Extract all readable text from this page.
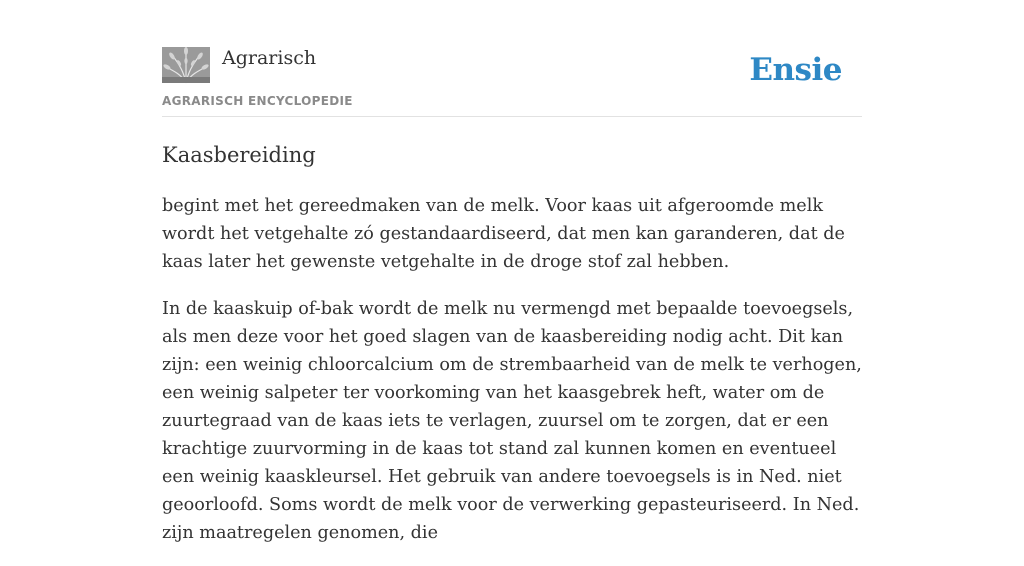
Agrarisch
AGRARISCH ENCYCLOPEDIE
Ensie
Kaasbereiding

begint met het gereedmaken van de melk. Voor kaas uit afgeroomde melk wordt het vetgehalte zó gestandaardiseerd, dat men kan garanderen, dat de kaas later het gewenste vetgehalte in de droge stof zal hebben.

In de kaaskuip of-bak wordt de melk nu vermengd met bepaalde toevoegsels, als men deze voor het goed slagen van de kaasbereiding nodig acht. Dit kan zijn: een weinig chloorcalcium om de strembaarheid van de melk te verhogen, een weinig salpeter ter voorkoming van het kaasgebrek heft, water om de zuurtegraad van de kaas iets te verlagen, zuursel om te zorgen, dat er een krachtige zuurvorming in de kaas tot stand zal kunnen komen en eventueel een weinig kaaskleursel. Het gebruik van andere toevoegsels is in Ned. niet geoorloofd. Soms wordt de melk voor de verwerking gepasteuriseerd. In Ned. zijn maatregelen genomen, die
